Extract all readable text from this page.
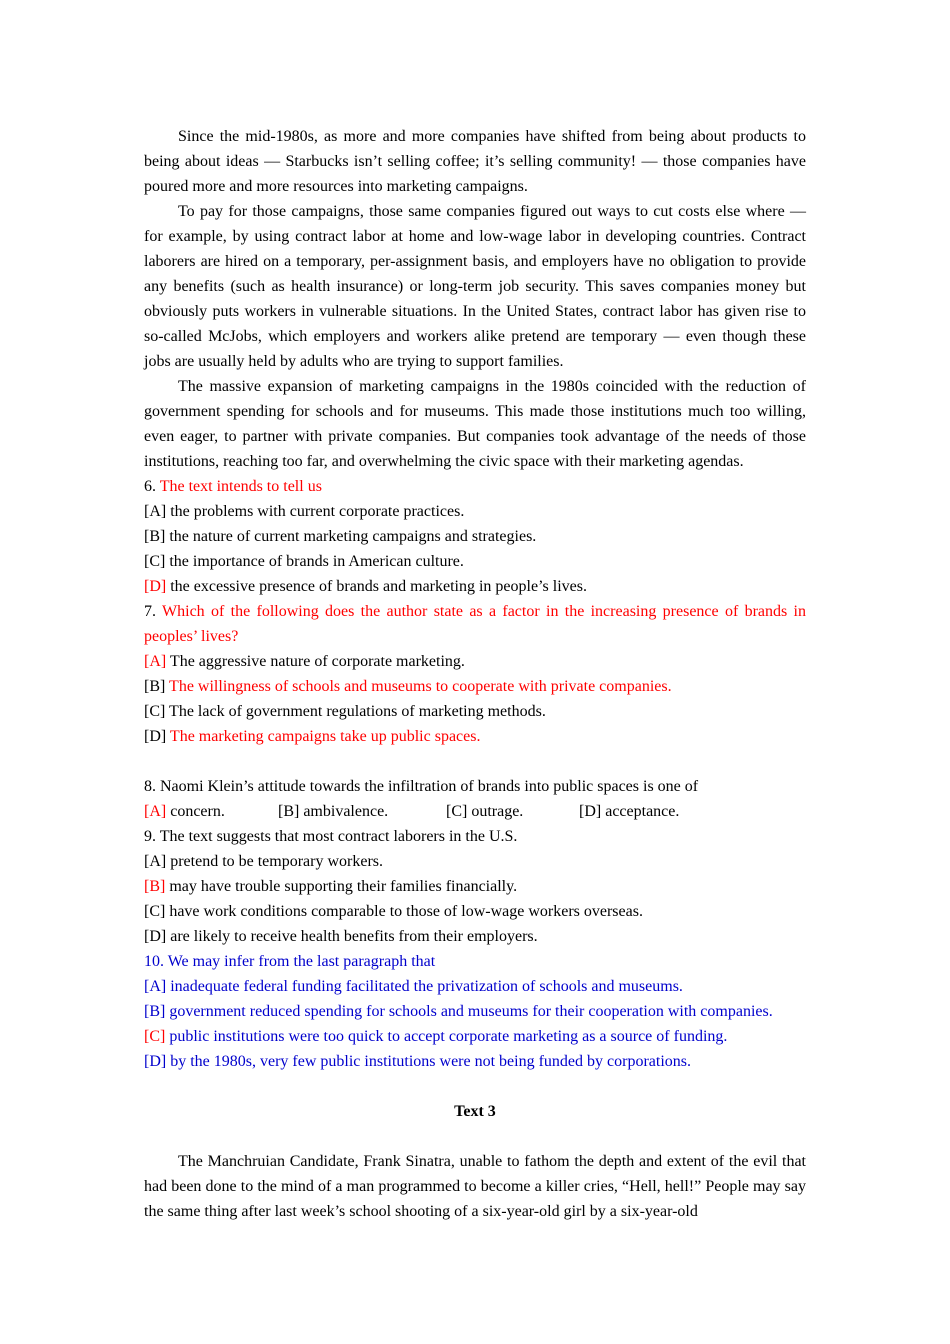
Since the mid-1980s, as more and more companies have shifted from being about products to being about ideas — Starbucks isn’t selling coffee; it’s selling community! — those companies have poured more and more resources into marketing campaigns.

To pay for those campaigns, those same companies figured out ways to cut costs else where — for example, by using contract labor at home and low-wage labor in developing countries. Contract laborers are hired on a temporary, per-assignment basis, and employers have no obligation to provide any benefits (such as health insurance) or long-term job security. This saves companies money but obviously puts workers in vulnerable situations. In the United States, contract labor has given rise to so-called McJobs, which employers and workers alike pretend are temporary — even though these jobs are usually held by adults who are trying to support families.

The massive expansion of marketing campaigns in the 1980s coincided with the reduction of government spending for schools and for museums. This made those institutions much too willing, even eager, to partner with private companies. But companies took advantage of the needs of those institutions, reaching too far, and overwhelming the civic space with their marketing agendas.

6. The text intends to tell us

[A] the problems with current corporate practices.

[B] the nature of current marketing campaigns and strategies.

[C] the importance of brands in American culture.

[D] the excessive presence of brands and marketing in people’s lives.

7. Which of the following does the author state as a factor in the increasing presence of brands in peoples’ lives?

[A] The aggressive nature of corporate marketing.

[B] The willingness of schools and museums to cooperate with private companies.

[C] The lack of government regulations of marketing methods.

[D] The marketing campaigns take up public spaces.

8. Naomi Klein’s attitude towards the infiltration of brands into public spaces is one of

[A] concern.	[B] ambivalence.	[C] outrage.	[D] acceptance.

9. The text suggests that most contract laborers in the U.S.

[A] pretend to be temporary workers.

[B] may have trouble supporting their families financially.

[C] have work conditions comparable to those of low-wage workers overseas.

[D] are likely to receive health benefits from their employers.

10. We may infer from the last paragraph that

[A] inadequate federal funding facilitated the privatization of schools and museums.

[B] government reduced spending for schools and museums for their cooperation with companies.

[C] public institutions were too quick to accept corporate marketing as a source of funding.

[D] by the 1980s, very few public institutions were not being funded by corporations.

Text 3

The Manchruian Candidate, Frank Sinatra, unable to fathom the depth and extent of the evil that had been done to the mind of a man programmed to become a killer cries, “Hell, hell!” People may say the same thing after last week’s school shooting of a six-year-old girl by a six-year-old
